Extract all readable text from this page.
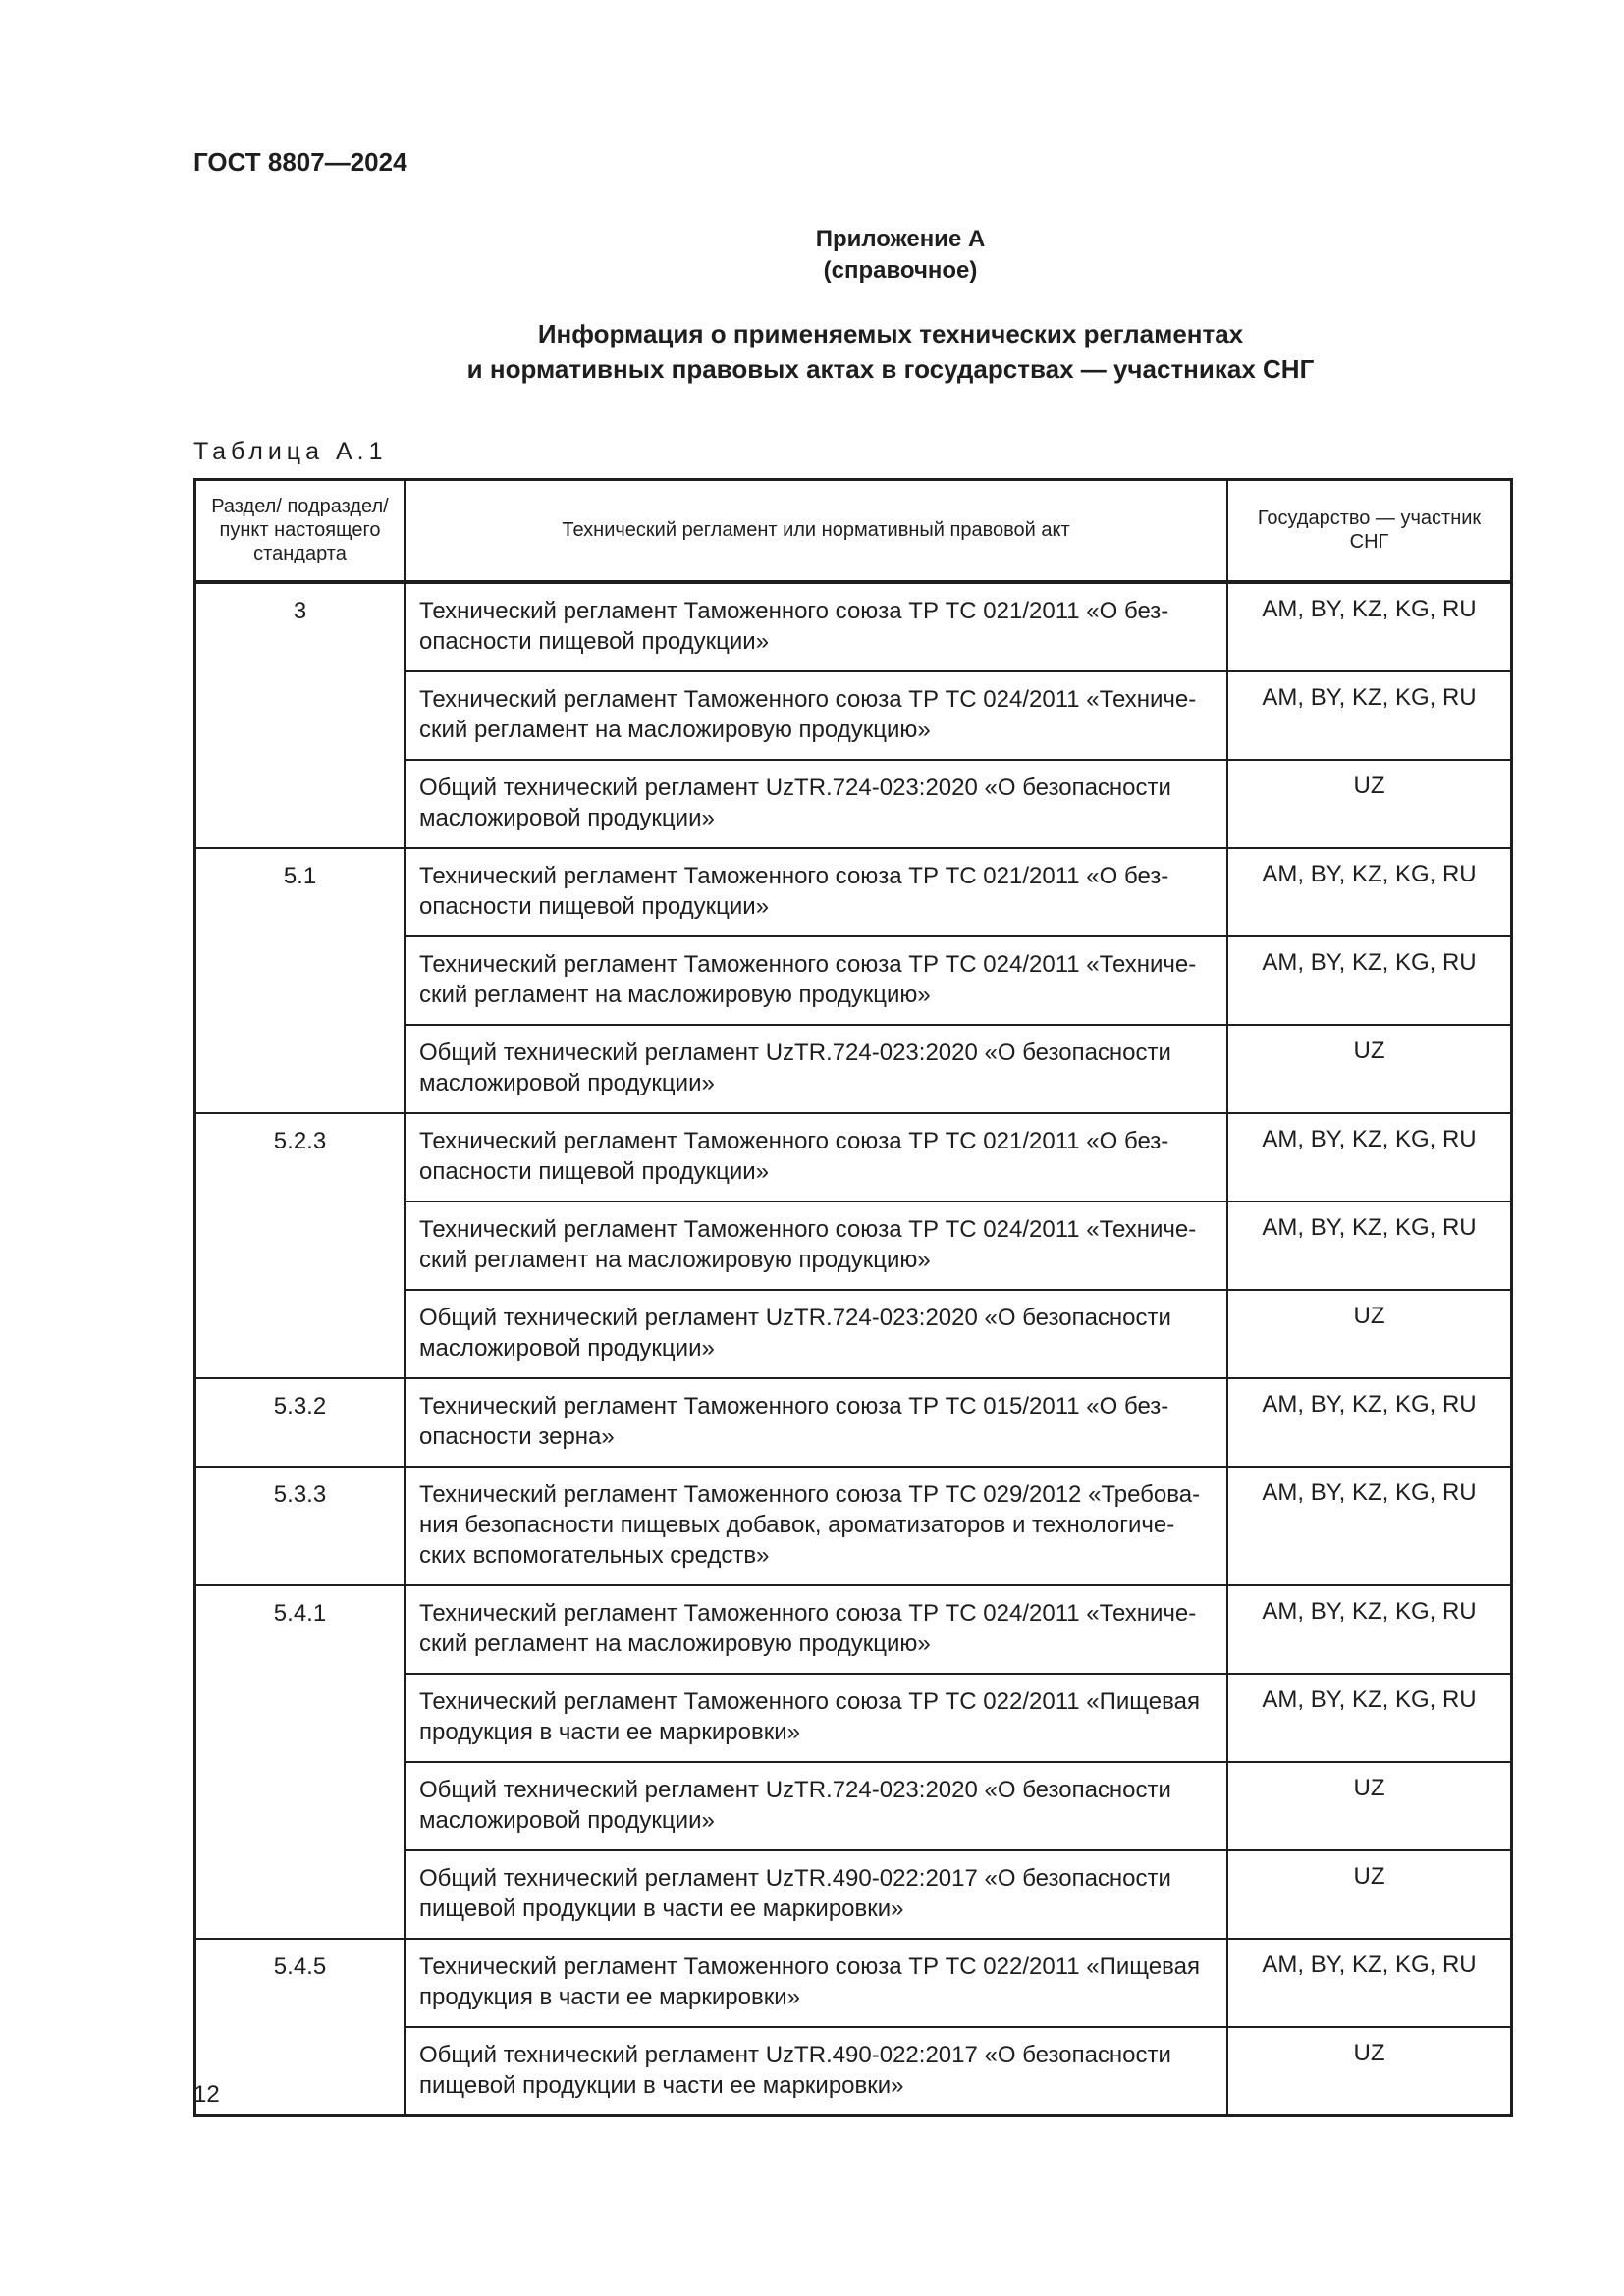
ГОСТ 8807—2024
Приложение А
(справочное)
Информация о применяемых технических регламентах
и нормативных правовых актах в государствах — участниках СНГ
Таблица А.1
Раздел/ подраздел/пункт настоящего стандарта	Технический регламент или нормативный правовой акт	Государство — участник СНГ
3	Технический регламент Таможенного союза ТР ТС 021/2011 «О без-опасности пищевой продукции»	AM, BY, KZ, KG, RU
	Технический регламент Таможенного союза ТР ТС 024/2011 «Техниче-ский регламент на масложировую продукцию»	AM, BY, KZ, KG, RU
	Общий технический регламент UzTR.724-023:2020 «О безопасности масложировой продукции»	UZ
5.1	Технический регламент Таможенного союза ТР ТС 021/2011 «О без-опасности пищевой продукции»	AM, BY, KZ, KG, RU
	Технический регламент Таможенного союза ТР ТС 024/2011 «Техниче-ский регламент на масложировую продукцию»	AM, BY, KZ, KG, RU
	Общий технический регламент UzTR.724-023:2020 «О безопасности масложировой продукции»	UZ
5.2.3	Технический регламент Таможенного союза ТР ТС 021/2011 «О без-опасности пищевой продукции»	AM, BY, KZ, KG, RU
	Технический регламент Таможенного союза ТР ТС 024/2011 «Техниче-ский регламент на масложировую продукцию»	AM, BY, KZ, KG, RU
	Общий технический регламент UzTR.724-023:2020 «О безопасности масложировой продукции»	UZ
5.3.2	Технический регламент Таможенного союза ТР ТС 015/2011 «О без-опасности зерна»	AM, BY, KZ, KG, RU
5.3.3	Технический регламент Таможенного союза ТР ТС 029/2012 «Требова-ния безопасности пищевых добавок, ароматизаторов и технологиче-ских вспомогательных средств»	AM, BY, KZ, KG, RU
5.4.1	Технический регламент Таможенного союза ТР ТС 024/2011 «Техниче-ский регламент на масложировую продукцию»	AM, BY, KZ, KG, RU
	Технический регламент Таможенного союза ТР ТС 022/2011 «Пищевая продукция в части ее маркировки»	AM, BY, KZ, KG, RU
	Общий технический регламент UzTR.724-023:2020 «О безопасности масложировой продукции»	UZ
	Общий технический регламент UzTR.490-022:2017 «О безопасности пищевой продукции в части ее маркировки»	UZ
5.4.5	Технический регламент Таможенного союза ТР ТС 022/2011 «Пищевая продукция в части ее маркировки»	AM, BY, KZ, KG, RU
	Общий технический регламент UzTR.490-022:2017 «О безопасности пищевой продукции в части ее маркировки»	UZ
12
